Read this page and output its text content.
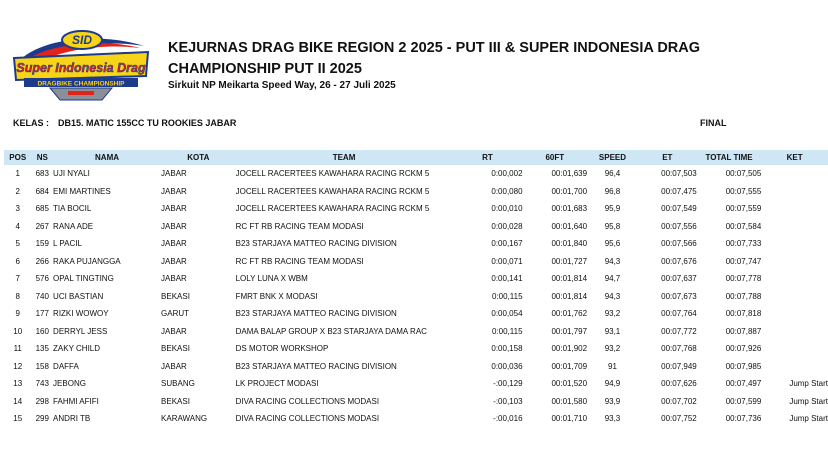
SID
Super Indonesia Drag
DRAGBIKE CHAMPIONSHIP
KEJURNAS DRAG BIKE REGION 2 2025 - PUT III & SUPER INDONESIA DRAG CHAMPIONSHIP PUT II 2025
Sirkuit NP Meikarta Speed Way, 26 - 27 Juli 2025
KELAS : DB15. MATIC 155CC TU ROOKIES JABAR	FINAL
POS	NS	NAMA	KOTA	TEAM	RT	60FT	SPEED	ET	TOTAL TIME	KET
1	683	UJI NYALI	JABAR	JOCELL RACERTEES KAWAHARA RACING RCKM 5	0:00,002	00:01,639	96,4	00:07,503	00:07,505	
2	684	EMI MARTINES	JABAR	JOCELL RACERTEES KAWAHARA RACING RCKM 5	0:00,080	00:01,700	96,8	00:07,475	00:07,555	
3	685	TIA BOCIL	JABAR	JOCELL RACERTEES KAWAHARA RACING RCKM 5	0:00,010	00:01,683	95,9	00:07,549	00:07,559	
4	267	RANA ADE	JABAR	RC FT RB RACING TEAM MODASI	0:00,028	00:01,640	95,8	00:07,556	00:07,584	
5	159	L PACIL	JABAR	B23 STARJAYA MATTEO RACING DIVISION	0:00,167	00:01,840	95,6	00:07,566	00:07,733	
6	266	RAKA PUJANGGA	JABAR	RC FT RB RACING TEAM MODASI	0:00,071	00:01,727	94,3	00:07,676	00:07,747	
7	576	OPAL TINGTING	JABAR	LOLY LUNA X WBM	0:00,141	00:01,814	94,7	00:07,637	00:07,778	
8	740	UCI BASTIAN	BEKASI	FMRT BNK X MODASI	0:00,115	00:01,814	94,3	00:07,673	00:07,788	
9	177	RIZKI WOWOY	GARUT	B23 STARJAYA MATTEO RACING DIVISION	0:00,054	00:01,762	93,2	00:07,764	00:07,818	
10	160	DERRYL JESS	JABAR	DAMA BALAP GROUP X B23 STARJAYA DAMA RAC	0:00,115	00:01,797	93,1	00:07,772	00:07,887	
11	135	ZAKY CHILD	BEKASI	DS MOTOR WORKSHOP	0:00,158	00:01,902	93,2	00:07,768	00:07,926	
12	158	DAFFA	JABAR	B23 STARJAYA MATTEO RACING DIVISION	0:00,036	00:01,709	91	00:07,949	00:07,985	
13	743	JEBONG	SUBANG	LK PROJECT MODASI	-:00,129	00:01,520	94,9	00:07,626	00:07,497	Jump Start
14	298	FAHMI AFIFI	BEKASI	DIVA RACING COLLECTIONS MODASI	-:00,103	00:01,580	93,9	00:07,702	00:07,599	Jump Start
15	299	ANDRI TB	KARAWANG	DIVA RACING COLLECTIONS MODASI	-:00,016	00:01,710	93,3	00:07,752	00:07,736	Jump Start
